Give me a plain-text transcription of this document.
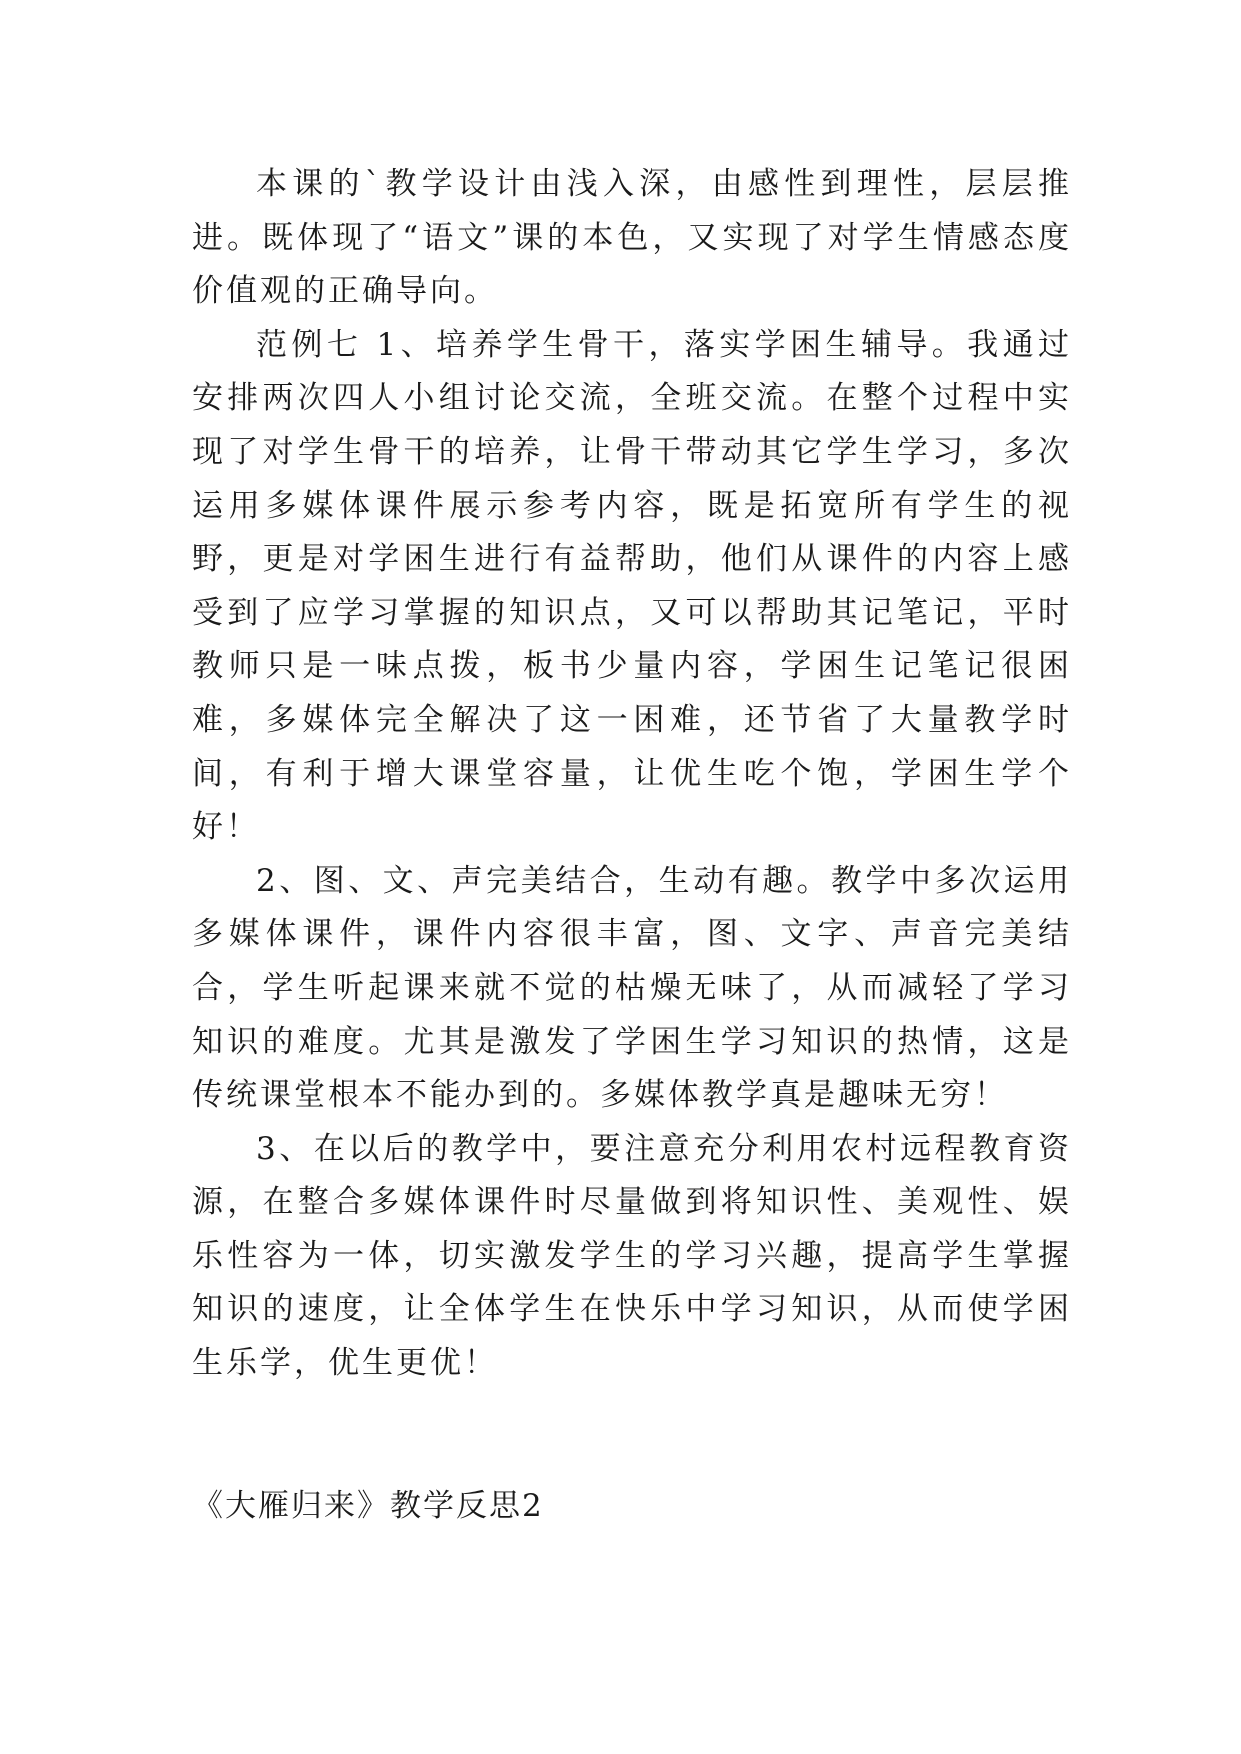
本课的`教学设计由浅入深，由感性到理性，层层推进。既体现了“语文”课的本色，又实现了对学生情感态度价值观的正确导向。

范例七 1、培养学生骨干，落实学困生辅导。我通过安排两次四人小组讨论交流，全班交流。在整个过程中实现了对学生骨干的培养，让骨干带动其它学生学习，多次运用多媒体课件展示参考内容，既是拓宽所有学生的视野，更是对学困生进行有益帮助，他们从课件的内容上感受到了应学习掌握的知识点，又可以帮助其记笔记，平时教师只是一味点拨，板书少量内容，学困生记笔记很困难，多媒体完全解决了这一困难，还节省了大量教学时间，有利于增大课堂容量，让优生吃个饱，学困生学个好！

2、图、文、声完美结合，生动有趣。教学中多次运用多媒体课件，课件内容很丰富，图、文字、声音完美结合，学生听起课来就不觉的枯燥无味了，从而减轻了学习知识的难度。尤其是激发了学困生学习知识的热情，这是传统课堂根本不能办到的。多媒体教学真是趣味无穷！

3、在以后的教学中，要注意充分利用农村远程教育资源，在整合多媒体课件时尽量做到将知识性、美观性、娱乐性容为一体，切实激发学生的学习兴趣，提高学生掌握知识的速度，让全体学生在快乐中学习知识，从而使学困生乐学，优生更优！

《大雁归来》教学反思2
